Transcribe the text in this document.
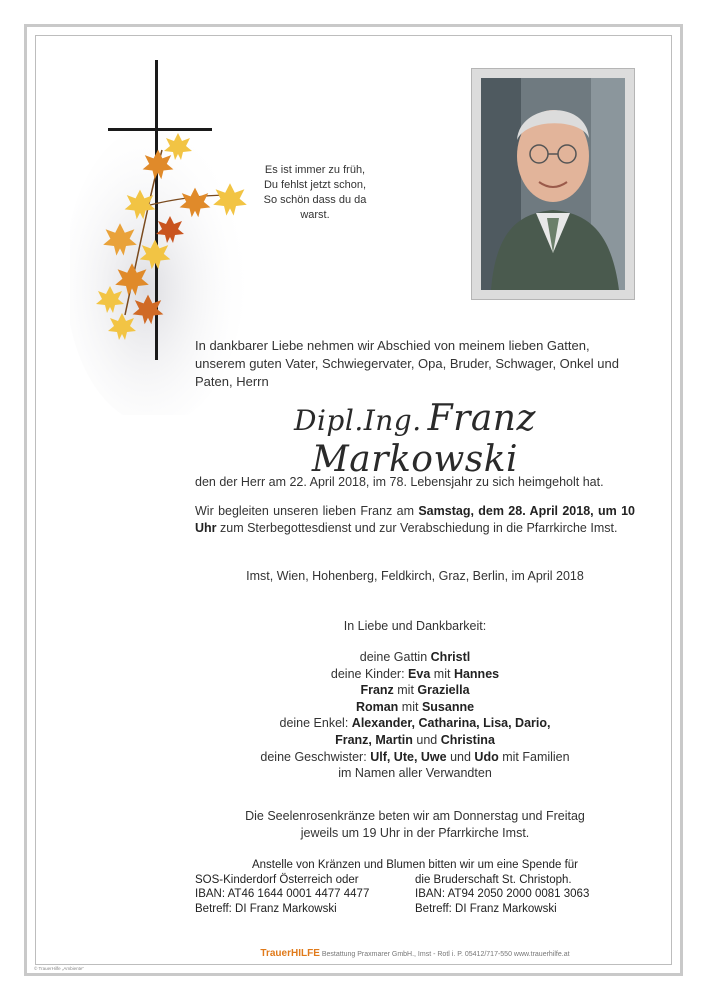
Es ist immer zu früh,
Du fehlst jetzt schon,
So schön dass du da warst.
In dankbarer Liebe nehmen wir Abschied von meinem lieben Gatten, unserem guten Vater, Schwiegervater, Opa, Bruder, Schwager, Onkel und Paten, Herrn
Dipl.Ing. Franz Markowski
den der Herr am 22. April 2018, im 78. Lebensjahr zu sich heimgeholt hat.
Wir begleiten unseren lieben Franz am Samstag, dem 28. April 2018, um 10 Uhr zum Sterbegottesdienst und zur Verabschiedung in die Pfarrkirche Imst.
Imst, Wien, Hohenberg, Feldkirch, Graz, Berlin, im April 2018
In Liebe und Dankbarkeit:
deine Gattin Christl
deine Kinder: Eva mit Hannes
Franz mit Graziella
Roman mit Susanne
deine Enkel: Alexander, Catharina, Lisa, Dario,
Franz, Martin und Christina
deine Geschwister: Ulf, Ute, Uwe und Udo mit Familien
im Namen aller Verwandten
Die Seelenrosenkränze beten wir am Donnerstag und Freitag
jeweils um 19 Uhr in der Pfarrkirche Imst.
Anstelle von Kränzen und Blumen bitten wir um eine Spende für
SOS-Kinderdorf Österreich oder
IBAN: AT46 1644 0001 4477 4477
Betreff: DI Franz Markowski
die Bruderschaft St. Christoph.
IBAN: AT94 2050 2000 0081 3063
Betreff: DI Franz Markowski
TrauerHILFE Bestattung Praxmarer GmbH., Imst - Rotl i. P. 05412/717-550 www.trauerhilfe.at
© TrauerHilfe „Ambiente“
